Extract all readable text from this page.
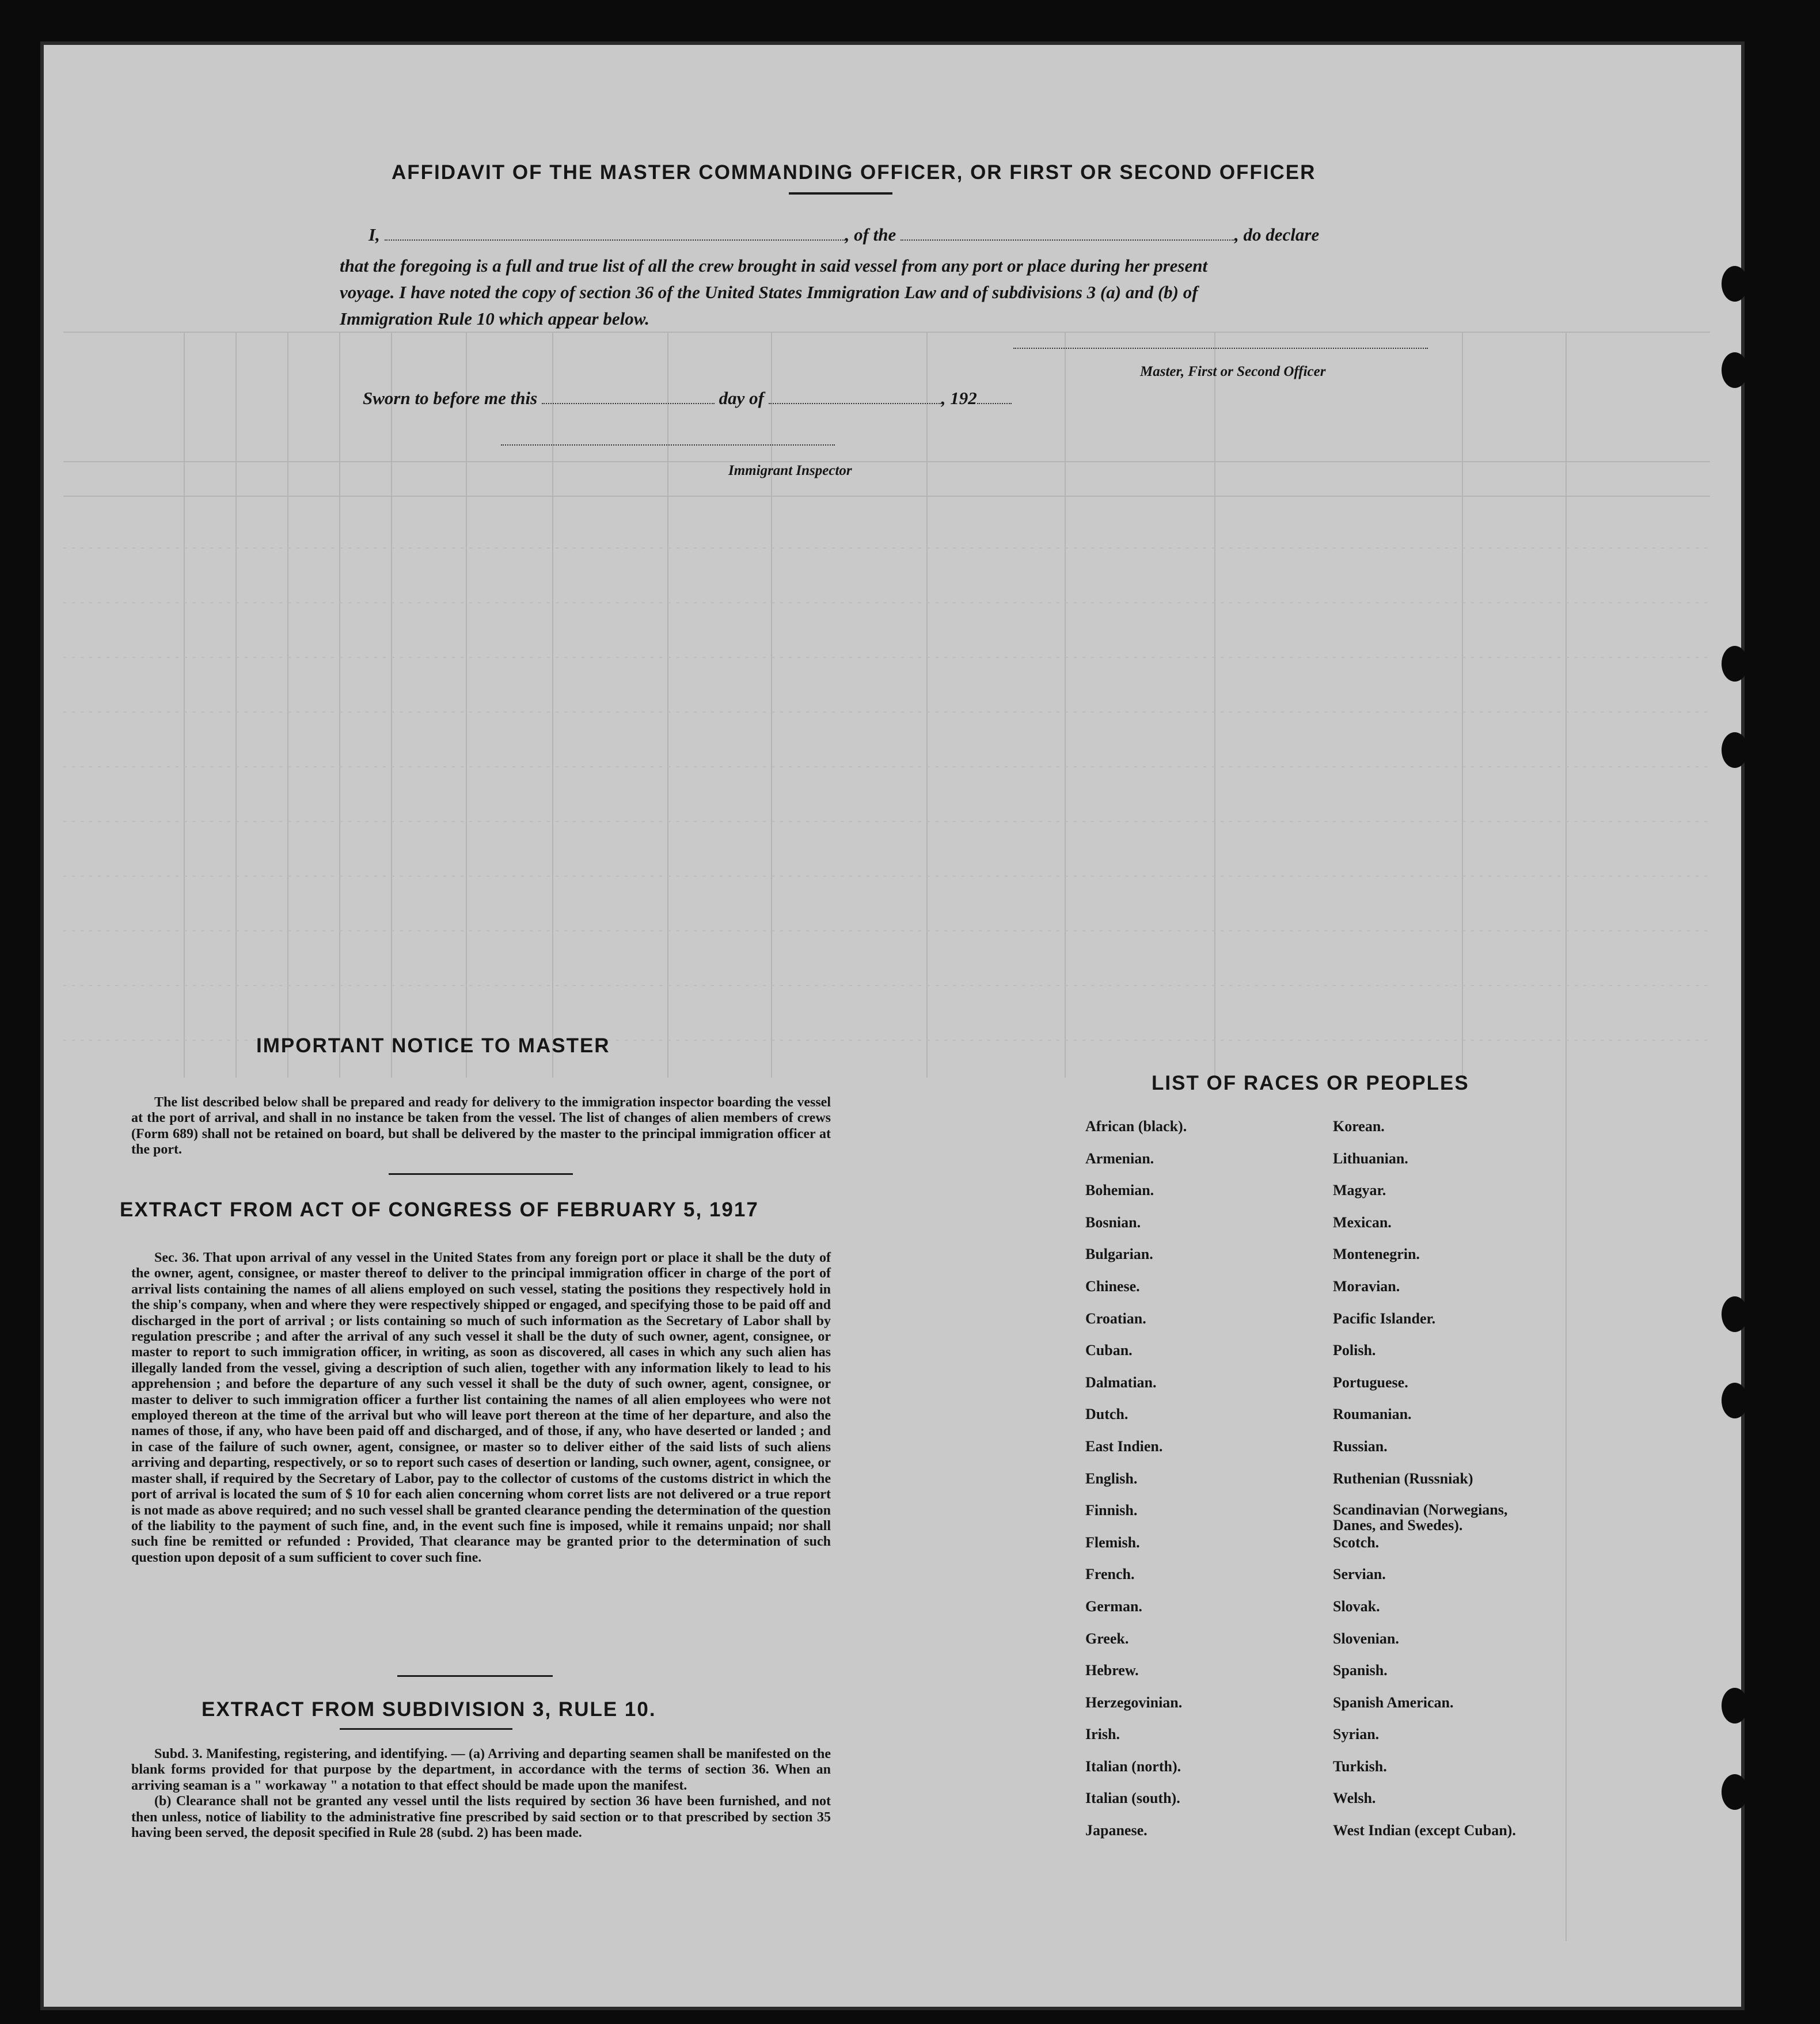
AFFIDAVIT OF THE MASTER COMMANDING OFFICER, OR FIRST OR SECOND OFFICER
I,	, of the	, do declare
that the foregoing is a full and true list of all the crew brought in said vessel from any port or place during her present
voyage. I have noted the copy of section 36 of the United States Immigration Law and of subdivisions 3 (a) and (b) of
Immigration Rule 10 which appear below.
Master, First or Second Officer
Sworn to before me this	day of	, 192
Immigrant Inspector
IMPORTANT NOTICE TO MASTER

The list described below shall be prepared and ready for delivery to the immigration inspector boarding the vessel at the port of arrival, and shall in no instance be taken from the vessel. The list of changes of alien members of crews (Form 689) shall not be retained on board, but shall be delivered by the master to the principal immigration officer at the port.

EXTRACT FROM ACT OF CONGRESS OF FEBRUARY 5, 1917

Sec. 36. That upon arrival of any vessel in the United States from any foreign port or place it shall be the duty of the owner, agent, consignee, or master thereof to deliver to the principal immigration officer in charge of the port of arrival lists containing the names of all aliens employed on such vessel, stating the positions they respectively hold in the ship's company, when and where they were respectively shipped or engaged, and specifying those to be paid off and discharged in the port of arrival ; or lists containing so much of such information as the Secretary of Labor shall by regulation prescribe ; and after the arrival of any such vessel it shall be the duty of such owner, agent, consignee, or master to report to such immigration officer, in writing, as soon as discovered, all cases in which any such alien has illegally landed from the vessel, giving a description of such alien, together with any information likely to lead to his apprehension ; and before the departure of any such vessel it shall be the duty of such owner, agent, consignee, or master to deliver to such immigration officer a further list containing the names of all alien employees who were not employed thereon at the time of the arrival but who will leave port thereon at the time of her departure, and also the names of those, if any, who have been paid off and discharged, and of those, if any, who have deserted or landed ; and in case of the failure of such owner, agent, consignee, or master so to deliver either of the said lists of such aliens arriving and departing, respectively, or so to report such cases of desertion or landing, such owner, agent, consignee, or master shall, if required by the Secretary of Labor, pay to the collector of customs of the customs district in which the port of arrival is located the sum of $ 10 for each alien concerning whom corret lists are not delivered or a true report is not made as above required; and no such vessel shall be granted clearance pending the determination of the question of the liability to the payment of such fine, and, in the event such fine is imposed, while it remains unpaid; nor shall such fine be remitted or refunded : Provided, That clearance may be granted prior to the determination of such question upon deposit of a sum sufficient to cover such fine.

EXTRACT FROM SUBDIVISION 3, RULE 10.

Subd. 3. Manifesting, registering, and identifying. — (a) Arriving and departing seamen shall be manifested on the blank forms provided for that purpose by the department, in accordance with the terms of section 36. When an arriving seaman is a " workaway " a notation to that effect should be made upon the manifest.

(b) Clearance shall not be granted any vessel until the lists required by section 36 have been furnished, and not then unless, notice of liability to the administrative fine prescribed by said section or to that prescribed by section 35 having been served, the deposit specified in Rule 28 (subd. 2) has been made.

LIST OF RACES OR PEOPLES
African (black).
Armenian.
Bohemian.
Bosnian.
Bulgarian.
Chinese.
Croatian.
Cuban.
Dalmatian.
Dutch.
East Indien.
English.
Finnish.
Flemish.
French.
German.
Greek.
Hebrew.
Herzegovinian.
Irish.
Italian (north).
Italian (south).
Japanese.
Korean.
Lithuanian.
Magyar.
Mexican.
Montenegrin.
Moravian.
Pacific Islander.
Polish.
Portuguese.
Roumanian.
Russian.
Ruthenian (Russniak)
Scandinavian (Norwegians, Danes, and Swedes).
Scotch.
Servian.
Slovak.
Slovenian.
Spanish.
Spanish American.
Syrian.
Turkish.
Welsh.
West Indian (except Cuban).
